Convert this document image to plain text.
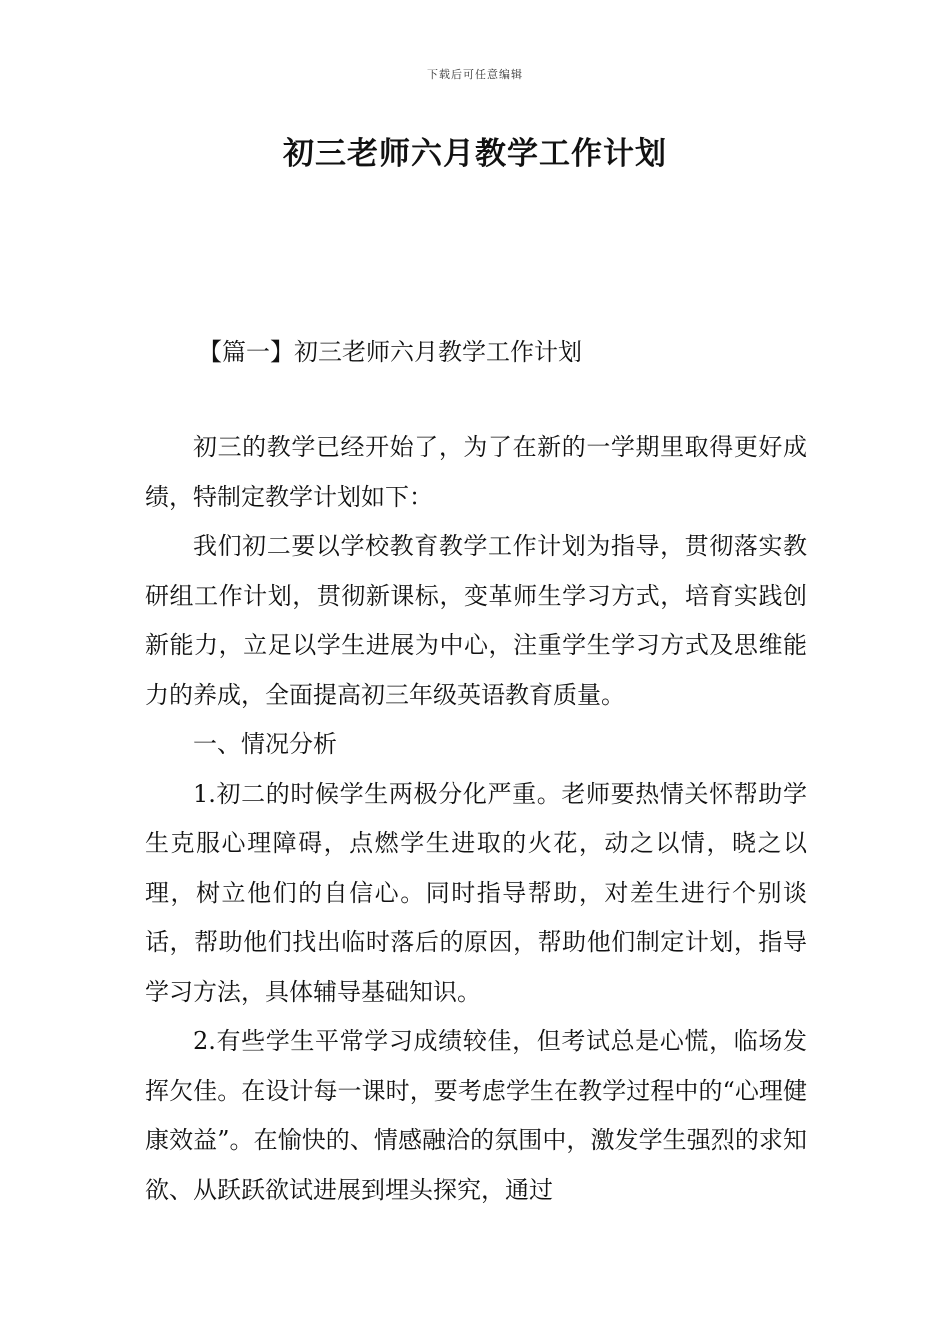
下载后可任意编辑
初三老师六月教学工作计划
【篇一】初三老师六月教学工作计划

初三的教学已经开始了，为了在新的一学期里取得更好成绩，特制定教学计划如下：

我们初二要以学校教育教学工作计划为指导，贯彻落实教研组工作计划，贯彻新课标，变革师生学习方式，培育实践创新能力，立足以学生进展为中心，注重学生学习方式及思维能力的养成，全面提高初三年级英语教育质量。

一、情况分析

1.初二的时候学生两极分化严重。老师要热情关怀帮助学生克服心理障碍，点燃学生进取的火花，动之以情，晓之以理，树立他们的自信心。同时指导帮助，对差生进行个别谈话，帮助他们找出临时落后的原因，帮助他们制定计划，指导学习方法，具体辅导基础知识。

2.有些学生平常学习成绩较佳，但考试总是心慌，临场发挥欠佳。在设计每一课时，要考虑学生在教学过程中的“心理健康效益”。在愉快的、情感融洽的氛围中，激发学生强烈的求知欲、从跃跃欲试进展到埋头探究，通过
